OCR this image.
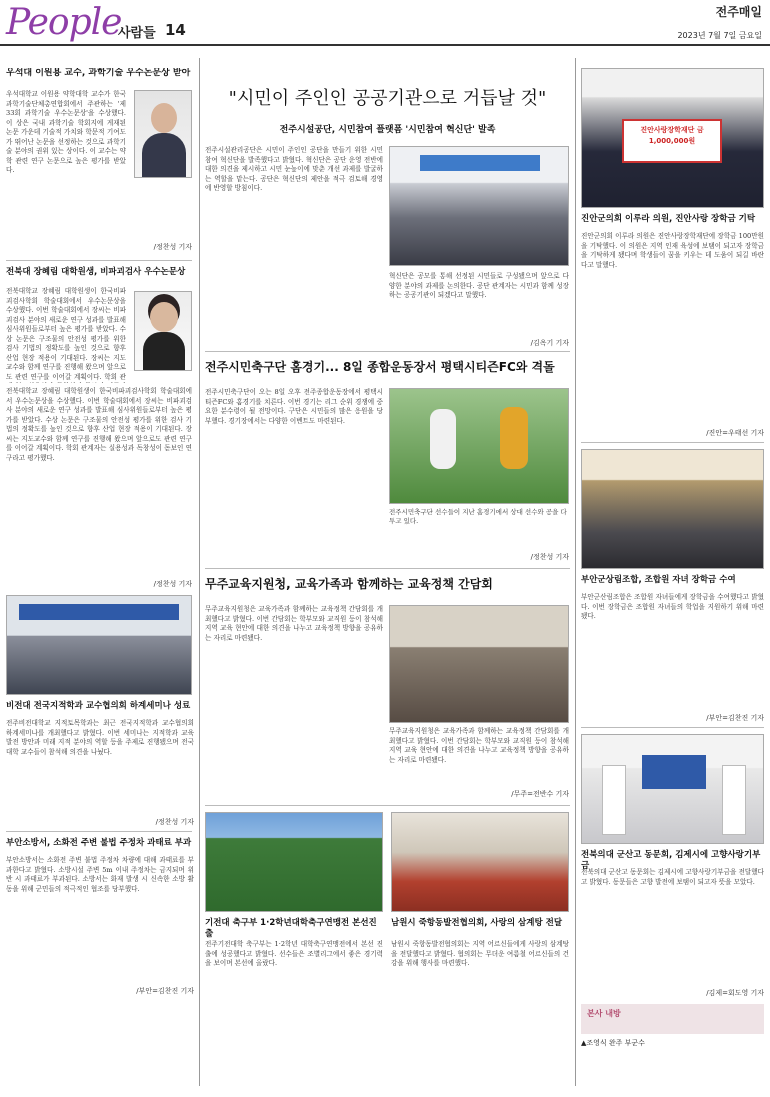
People
사람들 14
전주매일
2023년 7월 7일 금요일
우석대 이원용 교수, 과학기술 우수논문상 받아
우석대학교 이원용 약학대학 교수가 한국과학기술단체총연합회에서 주관하는 '제33회 과학기술 우수논문상'을 수상했다. 이 상은 국내 과학기술 학회지에 게재된 논문 가운데 기술적 가치와 학문적 기여도가 뛰어난 논문을 선정하는 것으로 과학기술 분야의 권위 있는 상이다. 이 교수는 약학 관련 연구 논문으로 높은 평가를 받았다.
/정찬성 기자
전북대 장혜림 대학원생, 비파괴검사 우수논문상
전북대학교 장혜림 대학원생이 한국비파괴검사학회 학술대회에서 우수논문상을 수상했다. 이번 학술대회에서 장씨는 비파괴검사 분야의 새로운 연구 성과를 발표해 심사위원들로부터 높은 평가를 받았다. 수상 논문은 구조물의 안전성 평가를 위한 검사 기법의 정확도를 높인 것으로 향후 산업 현장 적용이 기대된다. 장씨는 지도교수와 함께 연구를 진행해 왔으며 앞으로도 관련 연구를 이어갈 계획이다. 학회 관
전북대학교 장혜림 대학원생이 한국비파괴검사학회 학술대회에서 우수논문상을 수상했다. 이번 학술대회에서 장씨는 비파괴검사 분야의 새로운 연구 성과를 발표해 심사위원들로부터 높은 평가를 받았다. 수상 논문은 구조물의 안전성 평가를 위한 검사 기법의 정확도를 높인 것으로 향후 산업 현장 적용이 기대된다. 장씨는 지도교수와 함께 연구를 진행해 왔으며 앞으로도 관련 연구를 이어갈 계획이다. 학회 관계자는 실용성과 독창성이 돋보인 연구라고 평가했다.
/정찬성 기자
비전대 전국지적학과 교수협의회 하계세미나 성료
전주비전대학교 지적토목학과는 최근 전국지적학과 교수협의회 하계세미나를 개최했다고 밝혔다. 이번 세미나는 지적학과 교육 발전 방안과 미래 지적 분야의 역할 등을 주제로 진행됐으며 전국 대학 교수들이 참석해 의견을 나눴다.
/정찬성 기자
부안소방서, 소화전 주변 불법 주정차 과태료 부과
부안소방서는 소화전 주변 불법 주정차 차량에 대해 과태료를 부과한다고 밝혔다. 소방시설 주변 5m 이내 주정차는 금지되며 위반 시 과태료가 부과된다. 소방서는 화재 발생 시 신속한 소방 활동을 위해 군민들의 적극적인 협조를 당부했다.
/부안=김찬진 기자
"시민이 주인인 공공기관으로 거듭날 것"
전주시설공단, 시민참여 플랫폼 '시민참여 혁신단' 발족
전주시설관리공단은 시민이 주인인 공단을 만들기 위한 시민참여 혁신단을 발족했다고 밝혔다. 혁신단은 공단 운영 전반에 대한 의견을 제시하고 시민 눈높이에 맞춘 개선 과제를 발굴하는 역할을 맡는다. 공단은 혁신단의 제안을 적극 검토해 경영에 반영할 방침이다.
혁신단은 공모를 통해 선정된 시민들로 구성됐으며 앞으로 다양한 분야의 과제를 논의한다. 공단 관계자는 시민과 함께 성장하는 공공기관이 되겠다고 말했다.
/김옥기 기자
전주시민축구단 홈경기... 8일 종합운동장서 평택시티즌FC와 격돌
전주시민축구단이 오는 8일 오후 전주종합운동장에서 평택시티즌FC와 홈경기를 치른다. 이번 경기는 리그 순위 경쟁에 중요한 분수령이 될 전망이다. 구단은 시민들의 많은 응원을 당부했다. 경기장에서는 다양한 이벤트도 마련된다.
전주시민축구단 선수들이 지난 홈경기에서 상대 선수와 공을 다투고 있다.
/정찬성 기자
무주교육지원청, 교육가족과 함께하는 교육정책 간담회
무주교육지원청은 교육가족과 함께하는 교육정책 간담회를 개최했다고 밝혔다. 이번 간담회는 학부모와 교직원 등이 참석해 지역 교육 현안에 대한 의견을 나누고 교육정책 방향을 공유하는 자리로 마련됐다.
무주교육지원청은 교육가족과 함께하는 교육정책 간담회를 개최했다고 밝혔다. 이번 간담회는 학부모와 교직원 등이 참석해 지역 교육 현안에 대한 의견을 나누고 교육정책 방향을 공유하는 자리로 마련됐다.
/무주=전반수 기자
기전대 축구부 1·2학년대학축구연맹전 본선진출
전주기전대학 축구부는 1·2학년 대학축구연맹전에서 본선 진출에 성공했다고 밝혔다. 선수들은 조별리그에서 좋은 경기력을 보이며 본선에 올랐다.
남원시 죽항동발전협의회, 사랑의 삼계탕 전달
남원시 죽항동발전협의회는 지역 어르신들에게 사랑의 삼계탕을 전달했다고 밝혔다. 협의회는 무더운 여름철 어르신들의 건강을 위해 행사를 마련했다.
진안사랑장학재단 금1,000,000원
진안군의회 이루라 의원, 진안사랑 장학금 기탁
진안군의회 이루라 의원은 진안사랑장학재단에 장학금 100만원을 기탁했다. 이 의원은 지역 인재 육성에 보탬이 되고자 장학금을 기탁하게 됐다며 학생들이 꿈을 키우는 데 도움이 되길 바란다고 말했다.
/진안=우태선 기자
부안군상림조합, 조합원 자녀 장학금 수여
부안군산림조합은 조합원 자녀들에게 장학금을 수여했다고 밝혔다. 이번 장학금은 조합원 자녀들의 학업을 지원하기 위해 마련됐다.
/부안=김찬진 기자
전북의대 군산고 동문회, 김제시에 고향사랑기부금
전북의대 군산고 동문회는 김제시에 고향사랑기부금을 전달했다고 밝혔다. 동문들은 고향 발전에 보탬이 되고자 뜻을 모았다.
/김제=회도영 기자
본사 내방
▲조영식 완주 부군수
